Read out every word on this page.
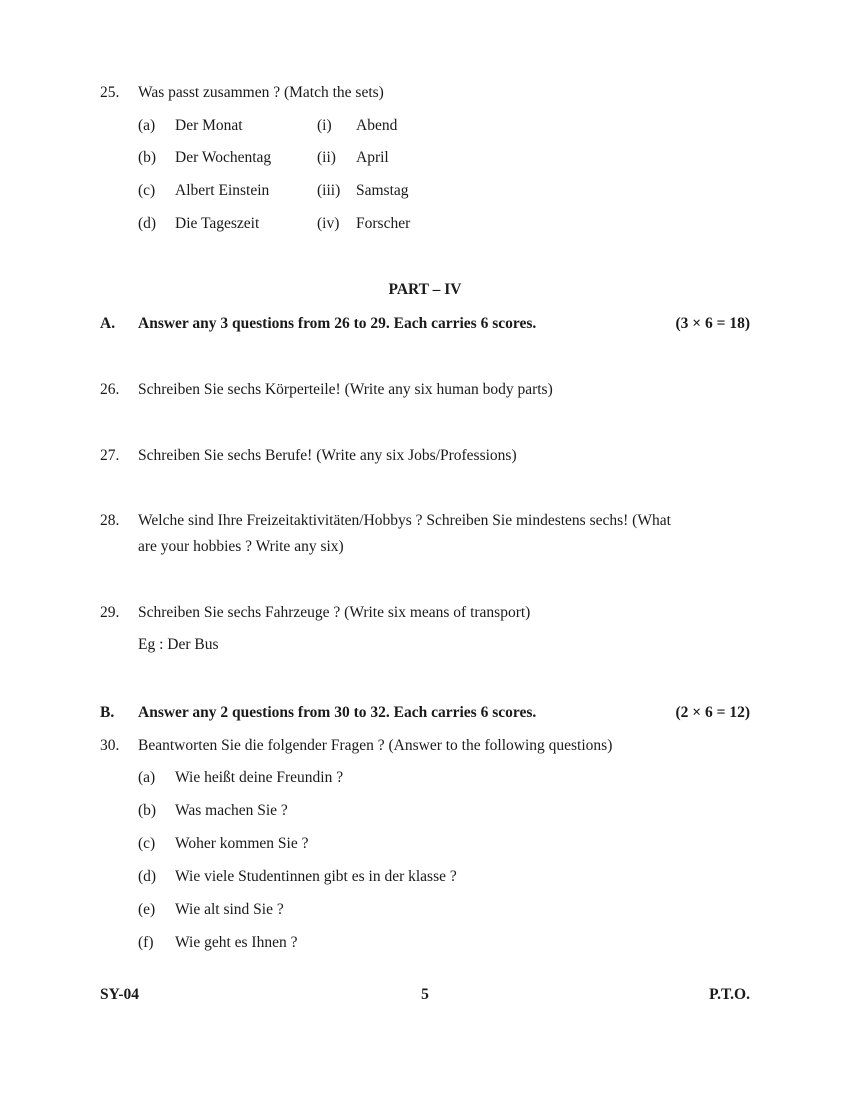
25. Was passt zusammen ? (Match the sets)
(a) Der Monat	(i) Abend
(b) Der Wochentag	(ii) April
(c) Albert Einstein	(iii) Samstag
(d) Die Tageszeit	(iv) Forscher
PART – IV
A. Answer any 3 questions from 26 to 29. Each carries 6 scores.	(3 × 6 = 18)
26. Schreiben Sie sechs Körperteile! (Write any six human body parts)
27. Schreiben Sie sechs Berufe! (Write any six Jobs/Professions)
28. Welche sind Ihre Freizeitaktivitäten/Hobbys ? Schreiben Sie mindestens sechs! (What
are your hobbies ? Write any six)
29. Schreiben Sie sechs Fahrzeuge ? (Write six means of transport)
Eg : Der Bus
B. Answer any 2 questions from 30 to 32. Each carries 6 scores.	(2 × 6 = 12)
30. Beantworten Sie die folgender Fragen ? (Answer to the following questions)
(a) Wie heißt deine Freundin ?
(b) Was machen Sie ?
(c) Woher kommen Sie ?
(d) Wie viele Studentinnen gibt es in der klasse ?
(e) Wie alt sind Sie ?
(f) Wie geht es Ihnen ?
SY-04	5	P.T.O.
